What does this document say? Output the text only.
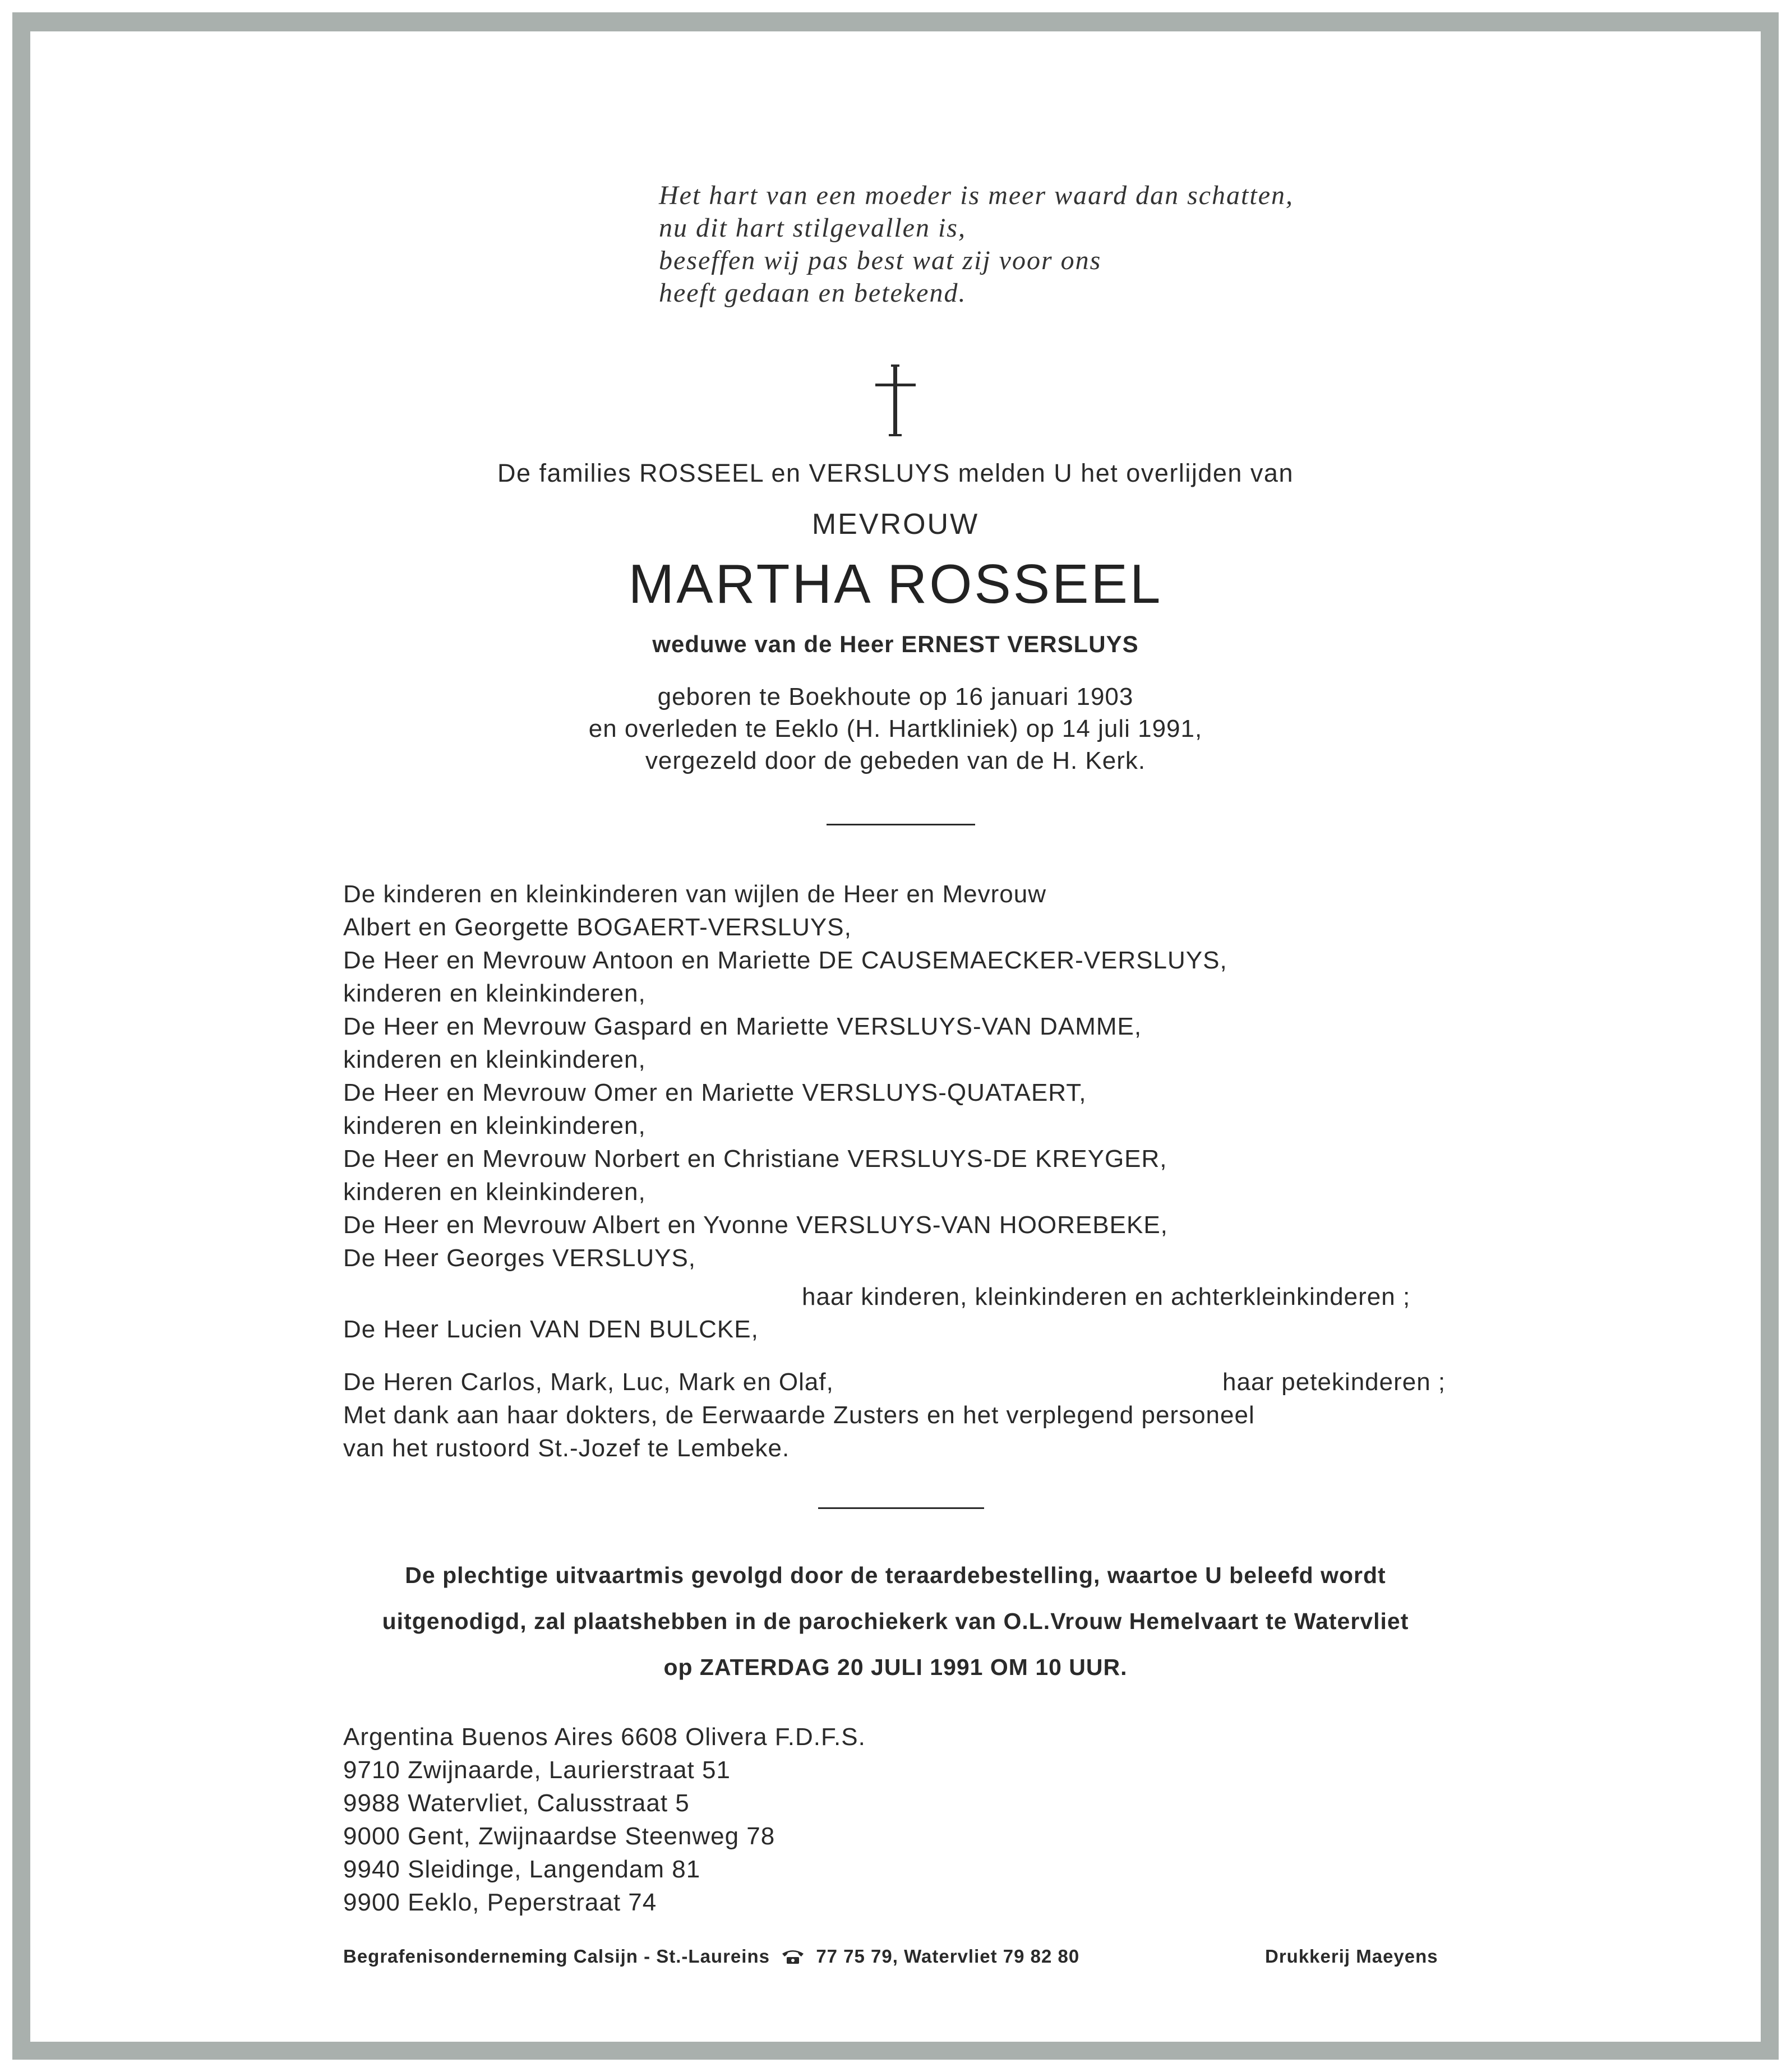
Het hart van een moeder is meer waard dan schatten,
nu dit hart stilgevallen is,
beseffen wij pas best wat zij voor ons
heeft gedaan en betekend.
De families ROSSEEL en VERSLUYS melden U het overlijden van
MEVROUW
MARTHA ROSSEEL
weduwe van de Heer ERNEST VERSLUYS
geboren te Boekhoute op 16 januari 1903
en overleden te Eeklo (H. Hartkliniek) op 14 juli 1991,
vergezeld door de gebeden van de H. Kerk.
De kinderen en kleinkinderen van wijlen de Heer en Mevrouw
Albert en Georgette BOGAERT-VERSLUYS,
De Heer en Mevrouw Antoon en Mariette DE CAUSEMAECKER-VERSLUYS,
kinderen en kleinkinderen,
De Heer en Mevrouw Gaspard en Mariette VERSLUYS-VAN DAMME,
kinderen en kleinkinderen,
De Heer en Mevrouw Omer en Mariette VERSLUYS-QUATAERT,
kinderen en kleinkinderen,
De Heer en Mevrouw Norbert en Christiane VERSLUYS-DE KREYGER,
kinderen en kleinkinderen,
De Heer en Mevrouw Albert en Yvonne VERSLUYS-VAN HOOREBEKE,
De Heer Georges VERSLUYS,
haar kinderen, kleinkinderen en achterkleinkinderen ;
De Heer Lucien VAN DEN BULCKE,
De Heren Carlos, Mark, Luc, Mark en Olaf,	haar petekinderen ;
Met dank aan haar dokters, de Eerwaarde Zusters en het verplegend personeel
van het rustoord St.-Jozef te Lembeke.
De plechtige uitvaartmis gevolgd door de teraardebestelling, waartoe U beleefd wordt
uitgenodigd, zal plaatshebben in de parochiekerk van O.L.Vrouw Hemelvaart te Watervliet
op ZATERDAG 20 JULI 1991 OM 10 UUR.
Argentina Buenos Aires 6608 Olivera F.D.F.S.
9710 Zwijnaarde, Laurierstraat 51
9988 Watervliet, Calusstraat 5
9000 Gent, Zwijnaardse Steenweg 78
9940 Sleidinge, Langendam 81
9900 Eeklo, Peperstraat 74
Begrafenisonderneming Calsijn - St.-Laureins 77 75 79, Watervliet 79 82 80	Drukkerij Maeyens
